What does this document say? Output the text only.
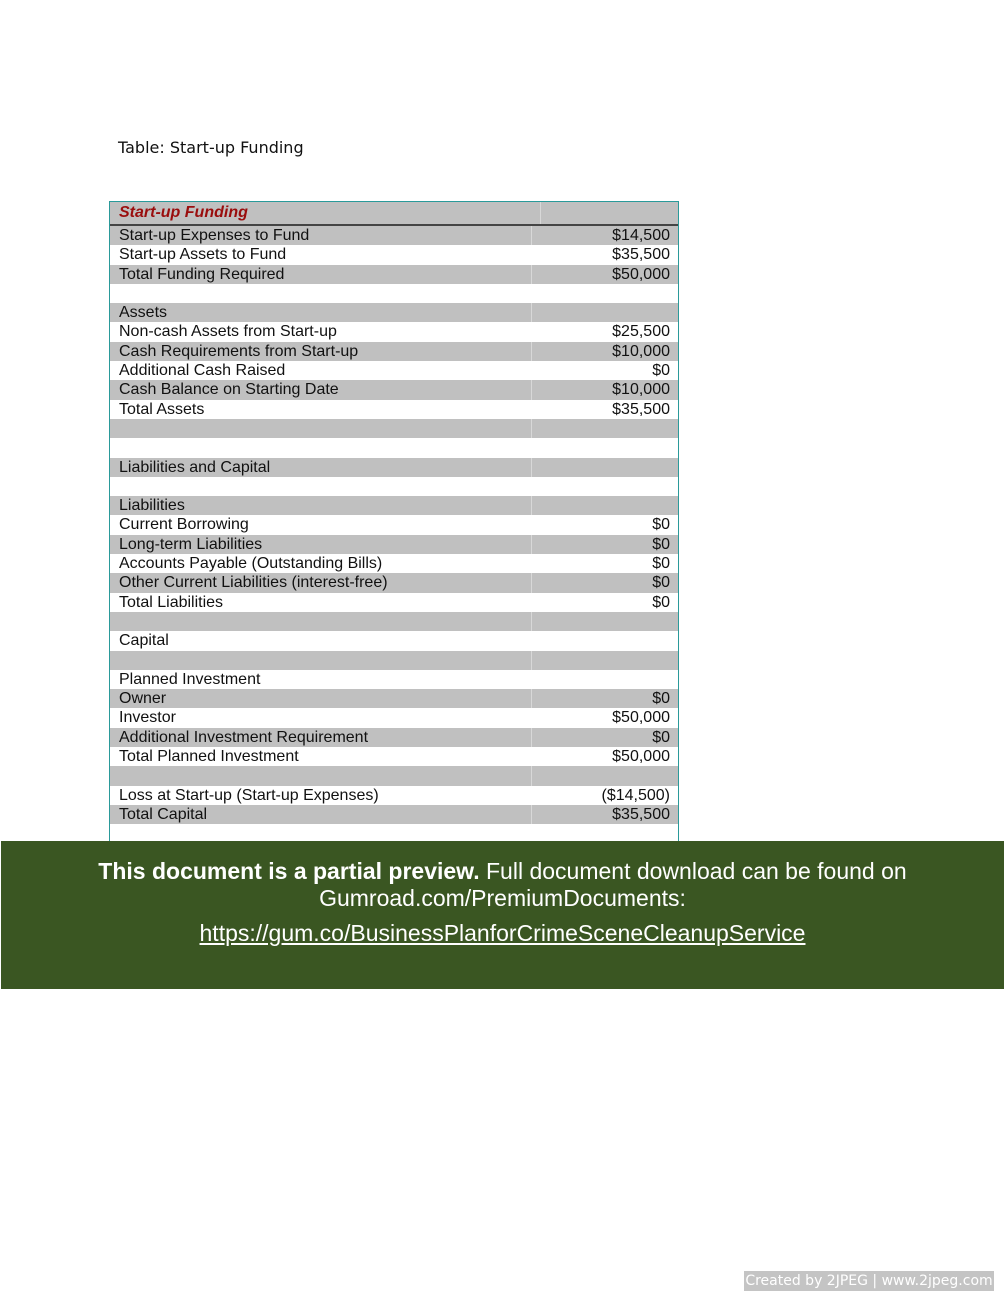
Table: Start-up Funding
Start-up Funding
Start-up Expenses to Fund	$14,500
Start-up Assets to Fund	$35,500
Total Funding Required	$50,000
Assets
Non-cash Assets from Start-up	$25,500
Cash Requirements from Start-up	$10,000
Additional Cash Raised	$0
Cash Balance on Starting Date	$10,000
Total Assets	$35,500
Liabilities and Capital
Liabilities
Current Borrowing	$0
Long-term Liabilities	$0
Accounts Payable (Outstanding Bills)	$0
Other Current Liabilities (interest-free)	$0
Total Liabilities	$0
Capital
Planned Investment
Owner	$0
Investor	$50,000
Additional Investment Requirement	$0
Total Planned Investment	$50,000
Loss at Start-up (Start-up Expenses)	($14,500)
Total Capital	$35,500
This document is a partial preview. Full document download can be found on Gumroad.com/PremiumDocuments:
https://gum.co/BusinessPlanforCrimeSceneCleanupService
Created by 2JPEG | www.2jpeg.com
